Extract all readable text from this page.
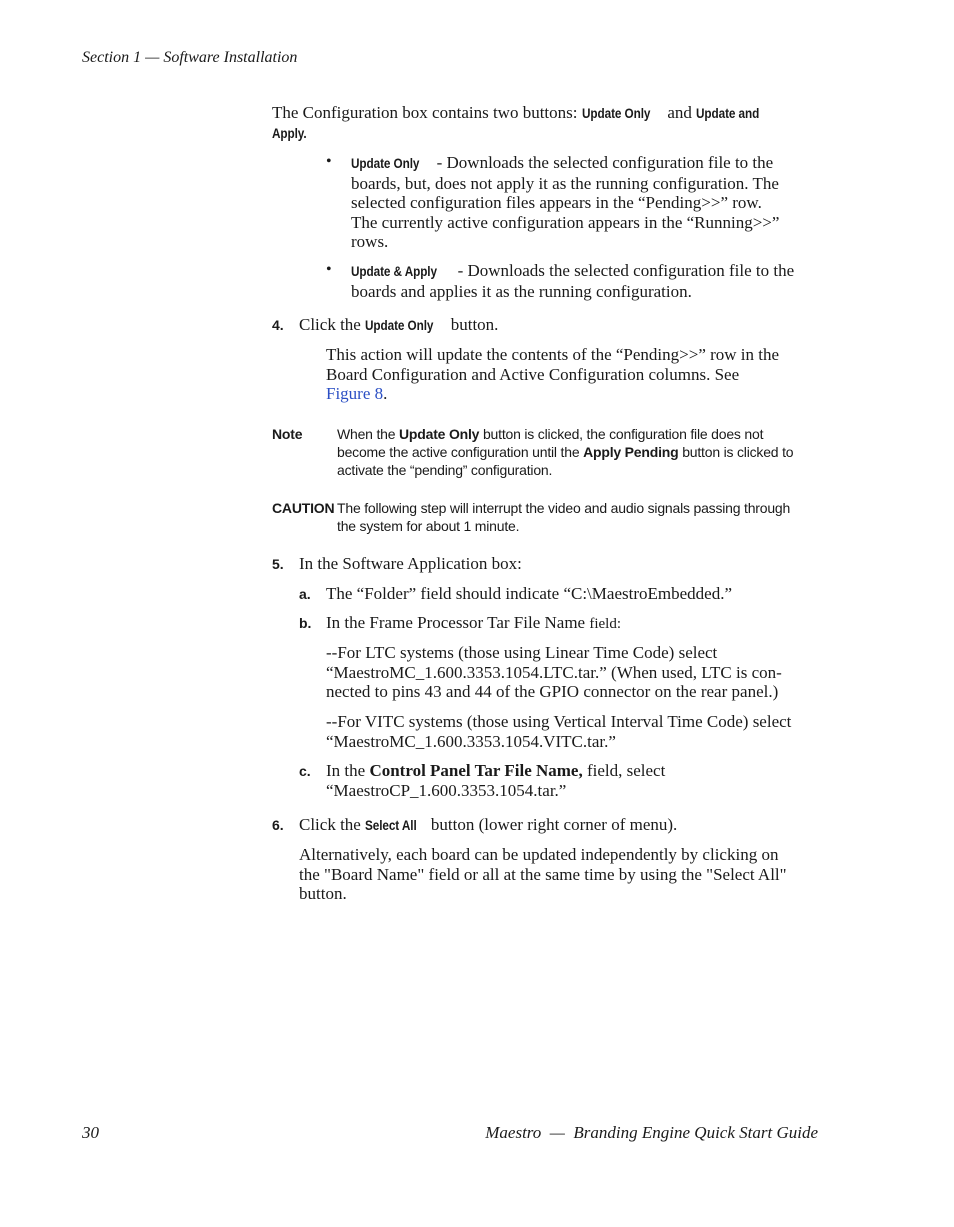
Section 1 — Software Installation
The Configuration box contains two buttons: Update Only and Update and
Apply.
• Update Only - Downloads the selected configuration file to the
boards, but, does not apply it as the running configuration. The
selected configuration files appears in the “Pending>>” row.
The currently active configuration appears in the “Running>>”
rows.
• Update & Apply - Downloads the selected configuration file to the
boards and applies it as the running configuration.
4. Click the Update Only button.
This action will update the contents of the “Pending>>” row in the
Board Configuration and Active Configuration columns. See
Figure 8.
Note When the Update Only button is clicked, the configuration file does not
become the active configuration until the Apply Pending button is clicked to
activate the “pending” configuration.
CAUTION The following step will interrupt the video and audio signals passing through
the system for about 1 minute.
5. In the Software Application box:
a. The “Folder” field should indicate “C:\MaestroEmbedded.”
b. In the Frame Processor Tar File Name field:
--For LTC systems (those using Linear Time Code) select
“MaestroMC_1.600.3353.1054.LTC.tar.” (When used, LTC is con-
nected to pins 43 and 44 of the GPIO connector on the rear panel.)
--For VITC systems (those using Vertical Interval Time Code) select
“MaestroMC_1.600.3353.1054.VITC.tar.”
c. In the Control Panel Tar File Name, field, select
“MaestroCP_1.600.3353.1054.tar.”
6. Click the Select All button (lower right corner of menu).
Alternatively, each board can be updated independently by clicking on
the "Board Name" field or all at the same time by using the "Select All"
button.
30	Maestro  —  Branding Engine Quick Start Guide
